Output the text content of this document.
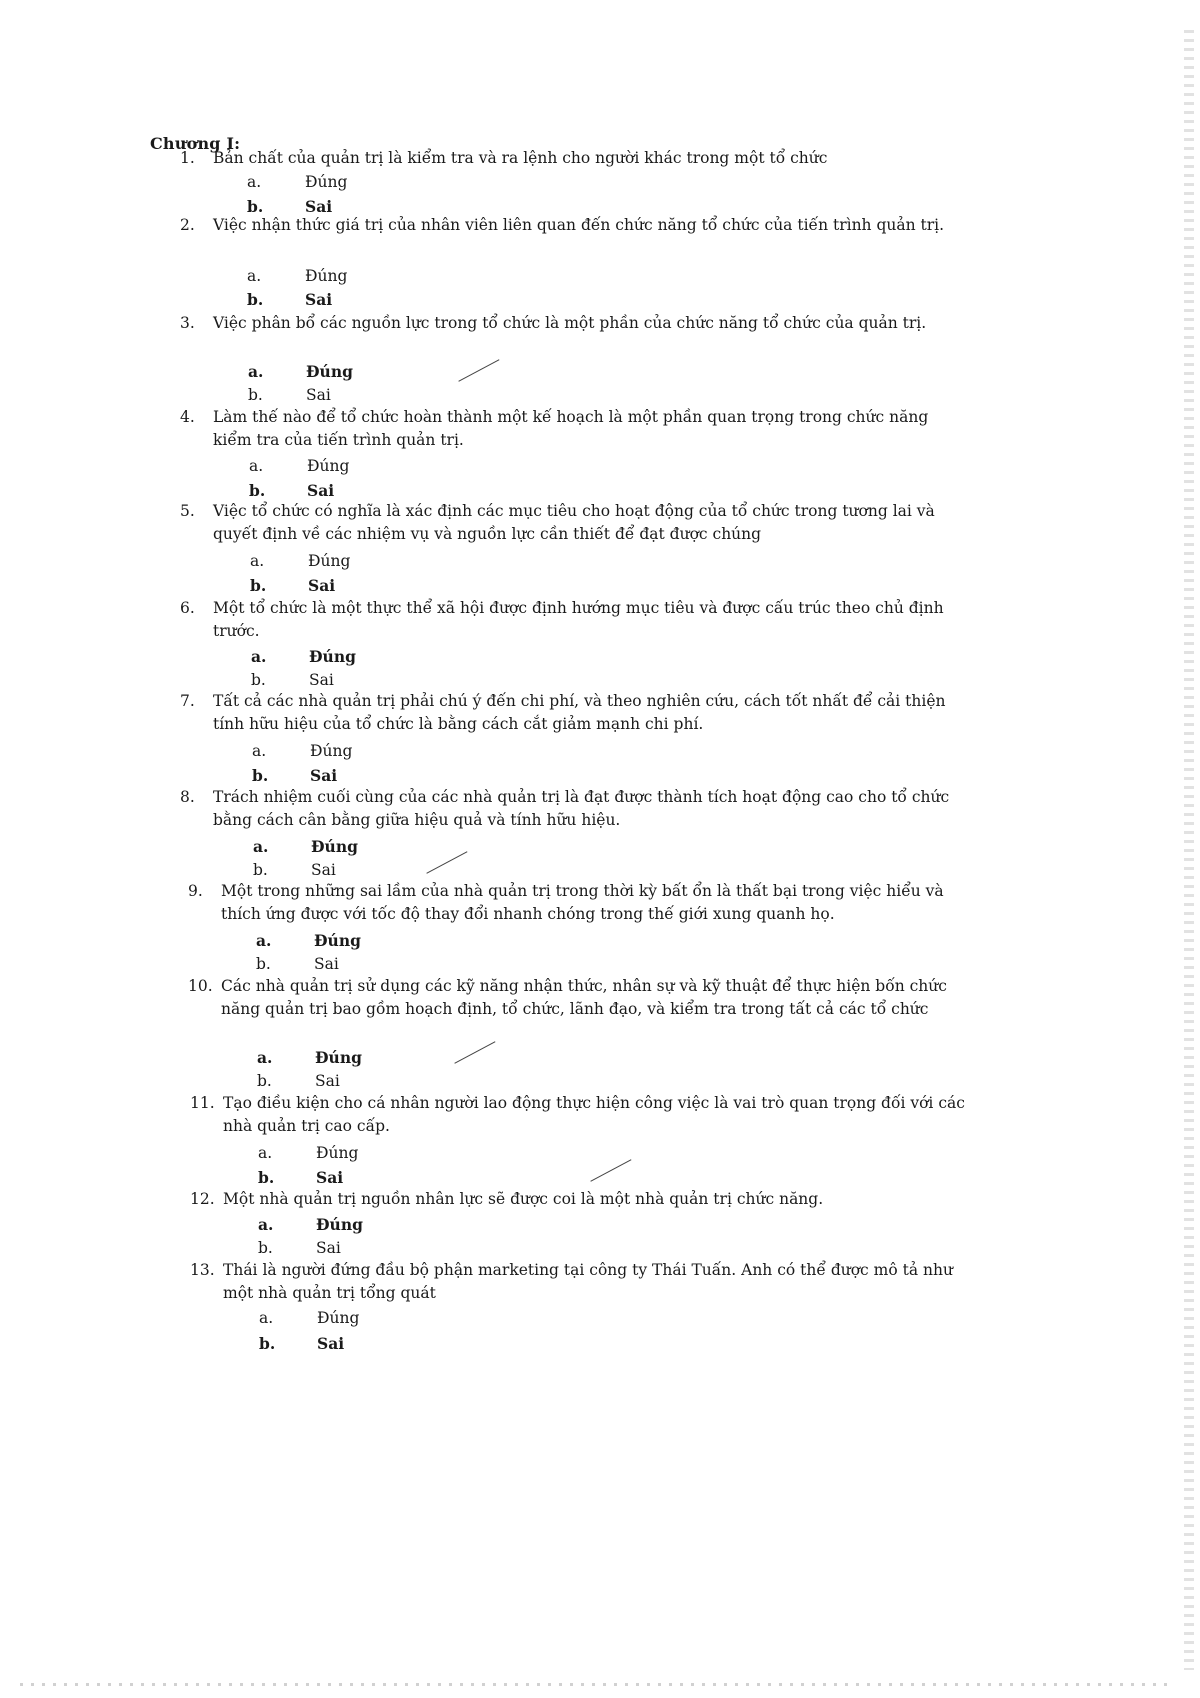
Chương I:
1. Bản chất của quản trị là kiểm tra và ra lệnh cho người khác trong một tổ chức
a.	Đúng
b.	Sai
2. Việc nhận thức giá trị của nhân viên liên quan đến chức năng tổ chức của tiến trình quản trị.
a.	Đúng
b.	Sai
3. Việc phân bổ các nguồn lực trong tổ chức là một phần của chức năng tổ chức của quản trị.
a.	Đúng
b.	Sai
4. Làm thế nào để tổ chức hoàn thành một kế hoạch là một phần quan trọng trong chức năng kiểm tra của tiến trình quản trị.
a.	Đúng
b.	Sai
5. Việc tổ chức có nghĩa là xác định các mục tiêu cho hoạt động của tổ chức trong tương lai và quyết định về các nhiệm vụ và nguồn lực cần thiết để đạt được chúng
a.	Đúng
b.	Sai
6. Một tổ chức là một thực thể xã hội được định hướng mục tiêu và được cấu trúc theo chủ định trước.
a.	Đúng
b.	Sai
7. Tất cả các nhà quản trị phải chú ý đến chi phí, và theo nghiên cứu, cách tốt nhất để cải thiện tính hữu hiệu của tổ chức là bằng cách cắt giảm mạnh chi phí.
a.	Đúng
b.	Sai
8. Trách nhiệm cuối cùng của các nhà quản trị là đạt được thành tích hoạt động cao cho tổ chức bằng cách cân bằng giữa hiệu quả và tính hữu hiệu.
a.	Đúng
b.	Sai
9. Một trong những sai lầm của nhà quản trị trong thời kỳ bất ổn là thất bại trong việc hiểu và thích ứng được với tốc độ thay đổi nhanh chóng trong thế giới xung quanh họ.
a.	Đúng
b.	Sai
10. Các nhà quản trị sử dụng các kỹ năng nhận thức, nhân sự và kỹ thuật để thực hiện bốn chức năng quản trị bao gồm hoạch định, tổ chức, lãnh đạo, và kiểm tra trong tất cả các tổ chức
a.	Đúng
b.	Sai
11. Tạo điều kiện cho cá nhân người lao động thực hiện công việc là vai trò quan trọng đối với các nhà quản trị cao cấp.
a.	Đúng
b.	Sai
12. Một nhà quản trị nguồn nhân lực sẽ được coi là một nhà quản trị chức năng.
a.	Đúng
b.	Sai
13. Thái là người đứng đầu bộ phận marketing tại công ty Thái Tuấn. Anh có thể được mô tả như một nhà quản trị tổng quát
a.	Đúng
b.	Sai
